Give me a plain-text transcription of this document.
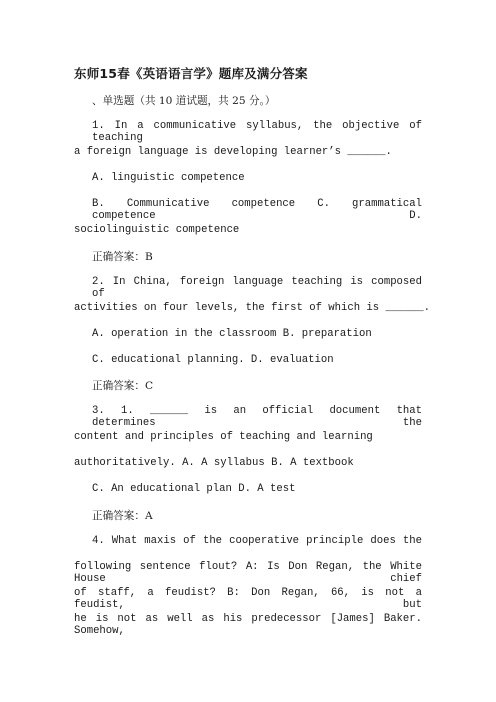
东师15春《英语语言学》题库及满分答案
、单选题（共 10 道试题，共 25 分。）
1. In a communicative syllabus, the objective of teaching
a foreign language is developing learner’s ______.
A. linguistic competence
B. Communicative competence C. grammatical competence D.
sociolinguistic competence
正确答案：B
2. In China, foreign language teaching is composed of
activities on four levels, the first of which is ______.
A. operation in the classroom B. preparation
C. educational planning. D. evaluation
正确答案：C
3. 1. ______ is an official document that determines the
content and principles of teaching and learning
authoritatively. A. A syllabus B. A textbook
C. An educational plan D. A test
正确答案：A
4. What maxis of the cooperative principle does the
following sentence flout? A: Is Don Regan, the White House chief
of staff, a feudist? B: Don Regan, 66, is not a feudist, but
he is not as well as his predecessor [James] Baker. Somehow,
